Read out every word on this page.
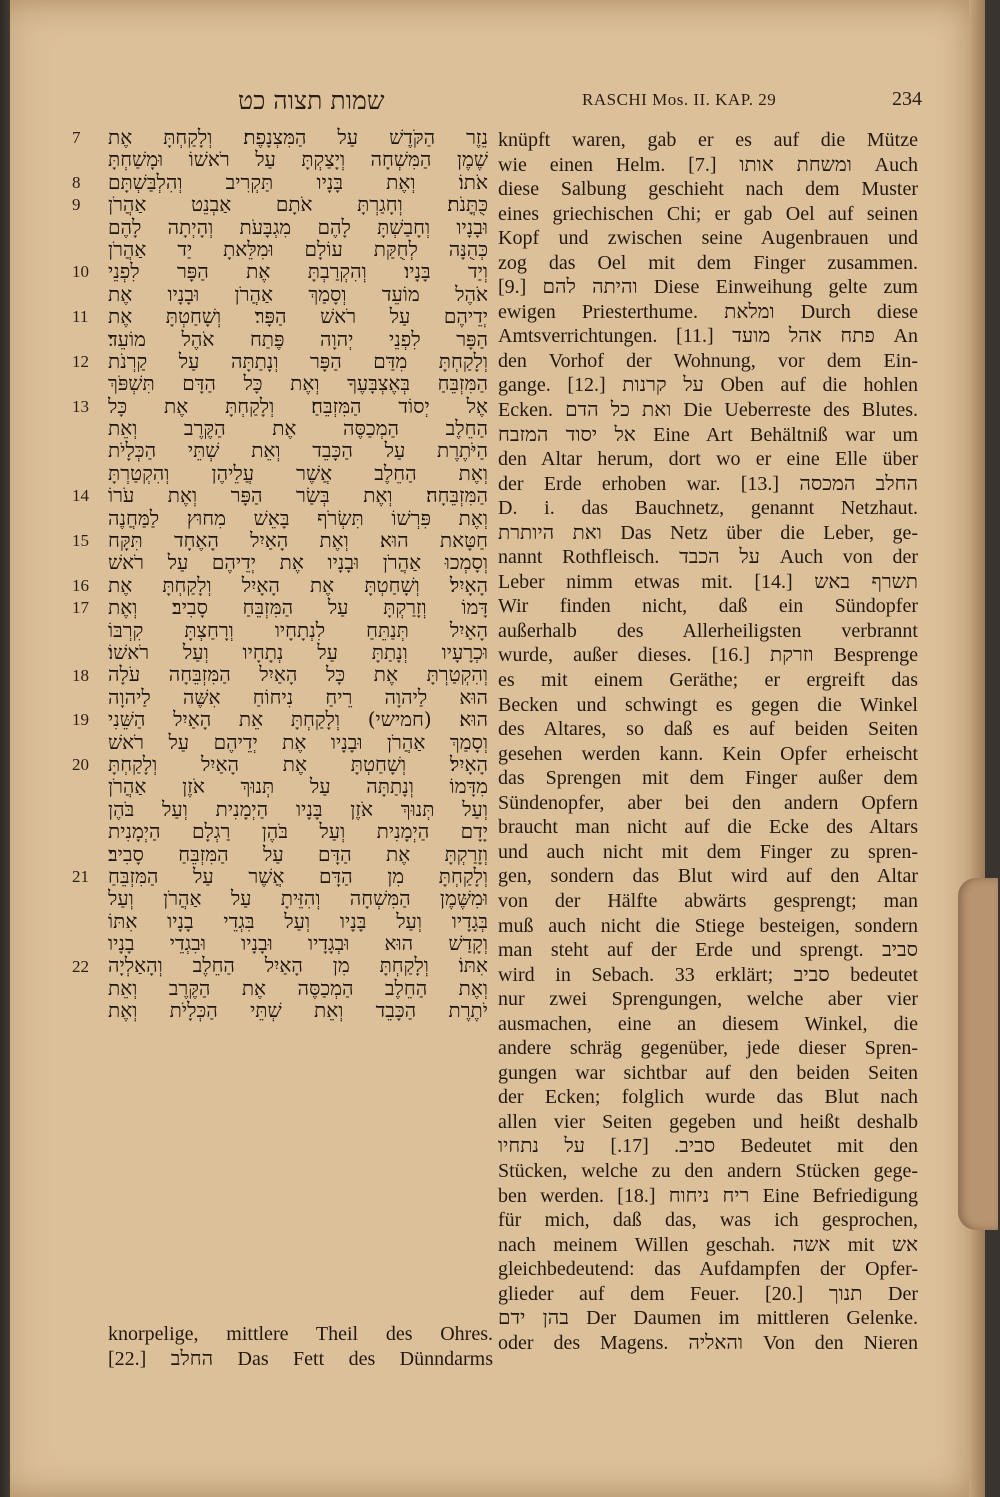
שמות תצוה כט	RASCHI Mos. II. KAP. 29	234
7
8
9
10
11
12
13
14
15
16
17
18
19
20
21
22
נֵזֶר הַקֹּדֶשׁ עַל הַמִּצְנָפֶת׃ וְלָקַחְתָּ אֶת
שֶׁמֶן הַמִּשְׁחָה וְיָצַקְתָּ עַל רֹאשׁוֹ וּמָשַׁחְתָּ
אֹתוֹ׃ וְאֶת בָּנָיו תַּקְרִיב וְהִלְבַּשְׁתָּם
כֻּתֳּנֹת׃ וְחָגַרְתָּ אֹתָם אַבְנֵט אַהֲרֹן
וּבָנָיו וְחָבַשְׁתָּ לָהֶם מִגְבָּעֹת וְהָיְתָה לָהֶם
כְּהֻנָּה לְחֻקַּת עוֹלָם וּמִלֵּאתָ יַד אַהֲרֹן
וְיַד בָּנָיו׃ וְהִקְרַבְתָּ אֶת הַפָּר לִפְנֵי
אֹהֶל מוֹעֵד וְסָמַךְ אַהֲרֹן וּבָנָיו אֶת
יְדֵיהֶם עַל רֹאשׁ הַפָּר׃ וְשָׁחַטְתָּ אֶת
הַפָּר לִפְנֵי יְהוָה פֶּתַח אֹהֶל מוֹעֵד׃
וְלָקַחְתָּ מִדַּם הַפָּר וְנָתַתָּה עַל קַרְנֹת
הַמִּזְבֵּחַ בְּאֶצְבָּעֶךָ וְאֶת כָּל הַדָּם תִּשְׁפֹּךְ
אֶל יְסוֹד הַמִּזְבֵּחַ׃ וְלָקַחְתָּ אֶת כָּל
הַחֵלֶב הַמְכַסֶּה אֶת הַקֶּרֶב וְאֵת
הַיֹּתֶרֶת עַל הַכָּבֵד וְאֵת שְׁתֵּי הַכְּלָיֹת
וְאֶת הַחֵלֶב אֲשֶׁר עֲלֵיהֶן וְהִקְטַרְתָּ
הַמִּזְבֵּחָה׃ וְאֶת בְּשַׂר הַפָּר וְאֶת עֹרוֹ
וְאֶת פִּרְשׁוֹ תִּשְׂרֹף בָּאֵשׁ מִחוּץ לַמַּחֲנֶה
חַטָּאת הוּא׃ וְאֶת הָאַיִל הָאֶחָד תִּקָּח
וְסָמְכוּ אַהֲרֹן וּבָנָיו אֶת יְדֵיהֶם עַל רֹאשׁ
הָאָיִל׃ וְשָׁחַטְתָּ אֶת הָאָיִל וְלָקַחְתָּ אֶת
דָּמוֹ וְזָרַקְתָּ עַל הַמִּזְבֵּחַ סָבִיב׃ וְאֶת
הָאַיִל תְּנַתֵּחַ לִנְתָחָיו וְרָחַצְתָּ קִרְבּוֹ
וּכְרָעָיו וְנָתַתָּ עַל נְתָחָיו וְעַל רֹאשׁוֹ׃
וְהִקְטַרְתָּ אֶת כָּל הָאַיִל הַמִּזְבֵּחָה עֹלָה
הוּא לַיהוָה רֵיחַ נִיחוֹחַ אִשֶּׁה לַיהוָה
הוּא׃ (חמישי) וְלָקַחְתָּ אֵת הָאַיִל הַשֵּׁנִי
וְסָמַךְ אַהֲרֹן וּבָנָיו אֶת יְדֵיהֶם עַל רֹאשׁ
הָאָיִל׃ וְשָׁחַטְתָּ אֶת הָאַיִל וְלָקַחְתָּ
מִדָּמוֹ וְנָתַתָּה עַל תְּנוּךְ אֹזֶן אַהֲרֹן
וְעַל תְּנוּךְ אֹזֶן בָּנָיו הַיְמָנִית וְעַל בֹּהֶן
יָדָם הַיְמָנִית וְעַל בֹּהֶן רַגְלָם הַיְמָנִית
וְזָרַקְתָּ אֶת הַדָּם עַל הַמִּזְבֵּחַ סָבִיב׃
וְלָקַחְתָּ מִן הַדָּם אֲשֶׁר עַל הַמִּזְבֵּחַ
וּמִשֶּׁמֶן הַמִּשְׁחָה וְהִזֵּיתָ עַל אַהֲרֹן וְעַל
בְּגָדָיו וְעַל בָּנָיו וְעַל בִּגְדֵי בָנָיו אִתּוֹ
וְקָדַשׁ הוּא וּבְגָדָיו וּבָנָיו וּבִגְדֵי בָנָיו
אִתּוֹ׃ וְלָקַחְתָּ מִן הָאַיִל הַחֵלֶב וְהָאַלְיָה
וְאֶת הַחֵלֶב הַמְכַסֶּה אֶת הַקֶּרֶב וְאֵת
יֹתֶרֶת הַכָּבֵד וְאֵת שְׁתֵּי הַכְּלָיֹת וְאֶת
knorpelige, mittlere Theil des Ohres.
[22.] החלב Das Fett des Dünndarms
knüpft waren, gab er es auf die Mütze
wie einen Helm. [7.] ומשחת אותו Auch
diese Salbung geschieht nach dem Muster
eines griechischen Chi; er gab Oel auf seinen
Kopf und zwischen seine Augenbrauen und
zog das Oel mit dem Finger zusammen.
[9.] והיתה להם Diese Einweihung gelte zum
ewigen Priesterthume. ומלאת Durch diese
Amtsverrichtungen. [11.] פתח אהל מועד An
den Vorhof der Wohnung, vor dem Ein-
gange. [12.] על קרנות Oben auf die hohlen
Ecken. ואת כל הדם Die Ueberreste des Blutes.
אל יסוד המזבח Eine Art Behältniß war um
den Altar herum, dort wo er eine Elle über
der Erde erhoben war. [13.] החלב המכסה
D. i. das Bauchnetz, genannt Netzhaut.
ואת היותרת Das Netz über die Leber, ge-
nannt Rothfleisch. על הכבד Auch von der
Leber nimm etwas mit. [14.] תשרף באש
Wir finden nicht, daß ein Sündopfer
außerhalb des Allerheiligsten verbrannt
wurde, außer dieses. [16.] וזרקת Besprenge
es mit einem Geräthe; er ergreift das
Becken und schwingt es gegen die Winkel
des Altares, so daß es auf beiden Seiten
gesehen werden kann. Kein Opfer erheischt
das Sprengen mit dem Finger außer dem
Sündenopfer, aber bei den andern Opfern
braucht man nicht auf die Ecke des Altars
und auch nicht mit dem Finger zu spren-
gen, sondern das Blut wird auf den Altar
von der Hälfte abwärts gesprengt; man
muß auch nicht die Stiege besteigen, sondern
man steht auf der Erde und sprengt. סביב
wird in Sebach. 33 erklärt; סביב bedeutet
nur zwei Sprengungen, welche aber vier
ausmachen, eine an diesem Winkel, die
andere schräg gegenüber, jede dieser Spren-
gungen war sichtbar auf den beiden Seiten
der Ecken; folglich wurde das Blut nach
allen vier Seiten gegeben und heißt deshalb
סביב. [17.] על נתחיו Bedeutet mit den
Stücken, welche zu den andern Stücken gege-
ben werden. [18.] ריח ניחוח Eine Befriedigung
für mich, daß das, was ich gesprochen,
nach meinem Willen geschah. אשה mit אש
gleichbedeutend: das Aufdampfen der Opfer-
glieder auf dem Feuer. [20.] תנוך Der
בהן ידם Der Daumen im mittleren Gelenke.
oder des Magens. והאליה Von den Nieren
